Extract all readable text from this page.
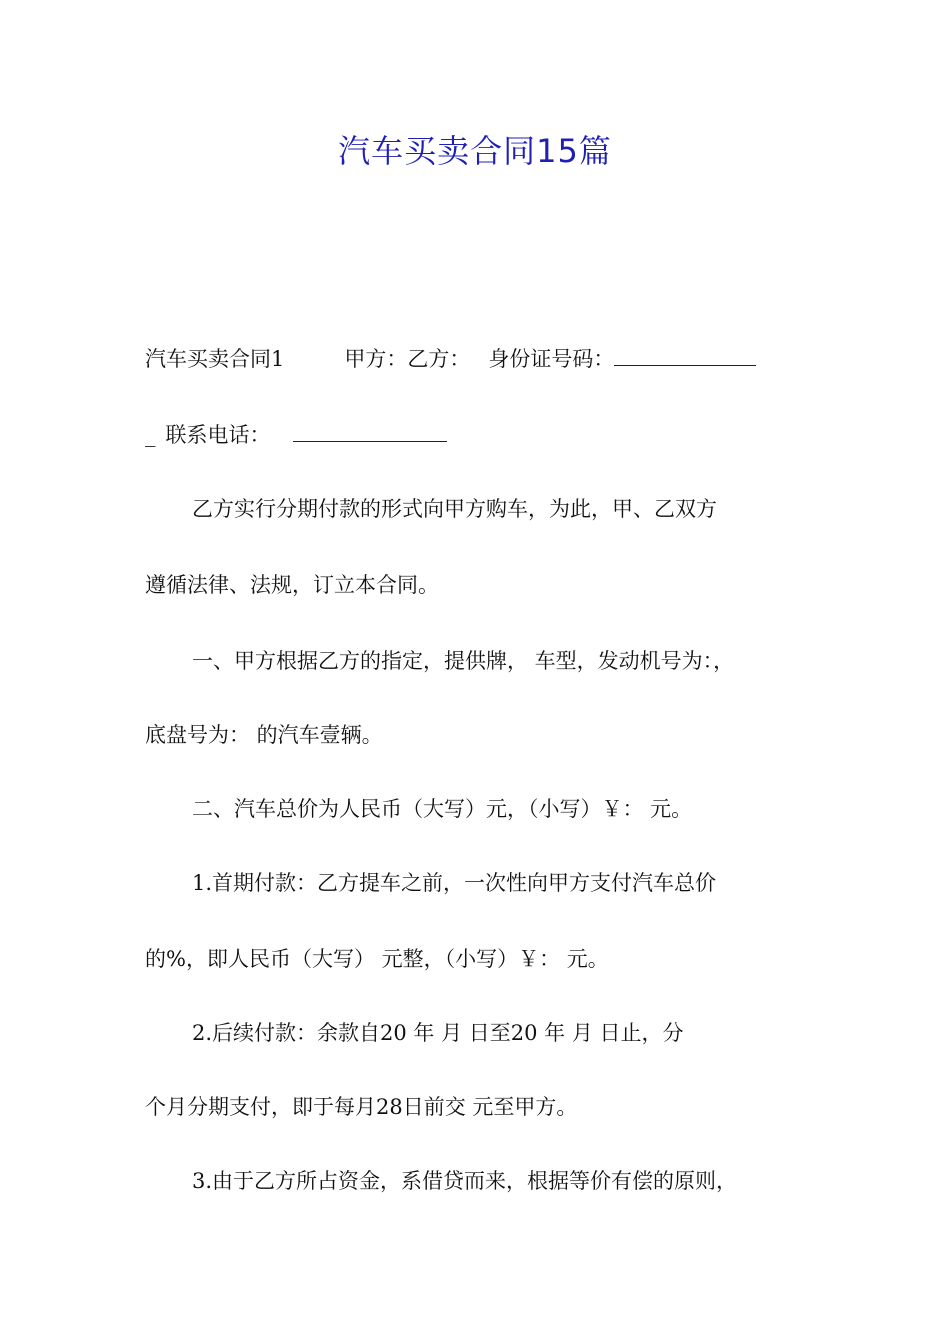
汽车买卖合同15篇
汽车买卖合同1	甲方：乙方： 身份证号码：
_ 联系电话：
乙方实行分期付款的形式向甲方购车，为此，甲、乙双方
遵循法律、法规，订立本合同。
一、甲方根据乙方的指定，提供牌， 车型，发动机号为：，
底盘号为： 的汽车壹辆。
二、汽车总价为人民币（大写）元，（小写）￥： 元。
1.首期付款：乙方提车之前，一次性向甲方支付汽车总价
的%，即人民币（大写） 元整，（小写）￥： 元。
2.后续付款：余款自20 年 月 日至20 年 月 日止，分
个月分期支付，即于每月28日前交 元至甲方。
3.由于乙方所占资金，系借贷而来，根据等价有偿的原则，
